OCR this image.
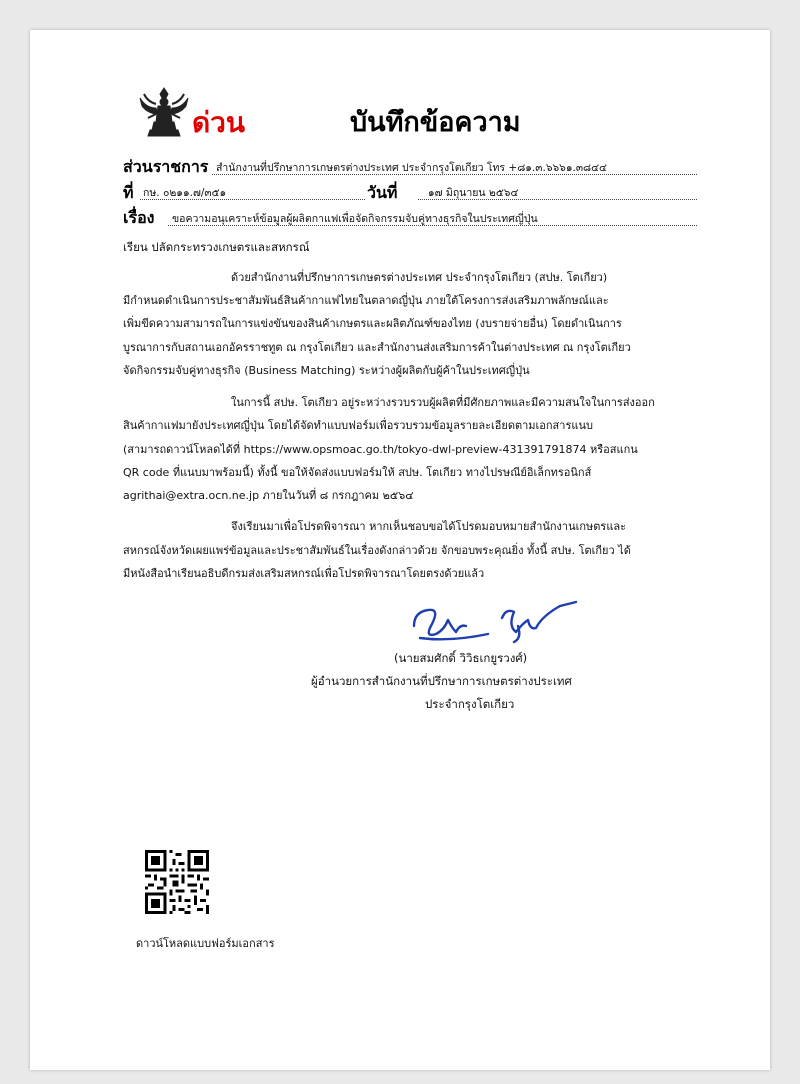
ด่วน	บันทึกข้อความ
ส่วนราชการ สำนักงานที่ปรึกษาการเกษตรต่างประเทศ ประจำกรุงโตเกียว โทร +๘๑.๓.๖๖๖๑.๓๘๔๔
ที่ กษ. ๐๒๑๑.๗/๓๕๑	วันที่	๑๗ มิถุนายน ๒๕๖๔
เรื่อง ขอความอนุเคราะห์ข้อมูลผู้ผลิตกาแฟเพื่อจัดกิจกรรมจับคู่ทางธุรกิจในประเทศญี่ปุ่น
เรียน ปลัดกระทรวงเกษตรและสหกรณ์
ด้วยสำนักงานที่ปรึกษาการเกษตรต่างประเทศ ประจำกรุงโตเกียว (สปษ. โตเกียว)
มีกำหนดดำเนินการประชาสัมพันธ์สินค้ากาแฟไทยในตลาดญี่ปุ่น ภายใต้โครงการส่งเสริมภาพลักษณ์และ
เพิ่มขีดความสามารถในการแข่งขันของสินค้าเกษตรและผลิตภัณฑ์ของไทย (งบรายจ่ายอื่น) โดยดำเนินการ
บูรณาการกับสถานเอกอัครราชทูต ณ กรุงโตเกียว และสำนักงานส่งเสริมการค้าในต่างประเทศ ณ กรุงโตเกียว
จัดกิจกรรมจับคู่ทางธุรกิจ (Business Matching) ระหว่างผู้ผลิตกับผู้ค้าในประเทศญี่ปุ่น
ในการนี้ สปษ. โตเกียว อยู่ระหว่างรวบรวบผู้ผลิตที่มีศักยภาพและมีความสนใจในการส่งออก
สินค้ากาแฟมายังประเทศญี่ปุ่น โดยได้จัดทำแบบฟอร์มเพื่อรวบรวมข้อมูลรายละเอียดตามเอกสารแนบ
(สามารถดาวน์โหลดได้ที่ https://www.opsmoac.go.th/tokyo-dwl-preview-431391791874 หรือสแกน
QR code ที่แนบมาพร้อมนี้) ทั้งนี้ ขอให้จัดส่งแบบฟอร์มให้ สปษ. โตเกียว ทางไปรษณีย์อิเล็กทรอนิกส์
agrithai@extra.ocn.ne.jp ภายในวันที่ ๘ กรกฎาคม ๒๕๖๔
จึงเรียนมาเพื่อโปรดพิจารณา หากเห็นชอบขอได้โปรดมอบหมายสำนักงานเกษตรและ
สหกรณ์จังหวัดเผยแพร่ข้อมูลและประชาสัมพันธ์ในเรื่องดังกล่าวด้วย จักขอบพระคุณยิ่ง ทั้งนี้ สปษ. โตเกียว ได้
มีหนังสือนำเรียนอธิบดีกรมส่งเสริมสหกรณ์เพื่อโปรดพิจารณาโดยตรงด้วยแล้ว
(นายสมศักดิ์ วิวิธเกยูรวงศ์)
ผู้อำนวยการสำนักงานที่ปรึกษาการเกษตรต่างประเทศ
ประจำกรุงโตเกียว
ดาวน์โหลดแบบฟอร์มเอกสาร
